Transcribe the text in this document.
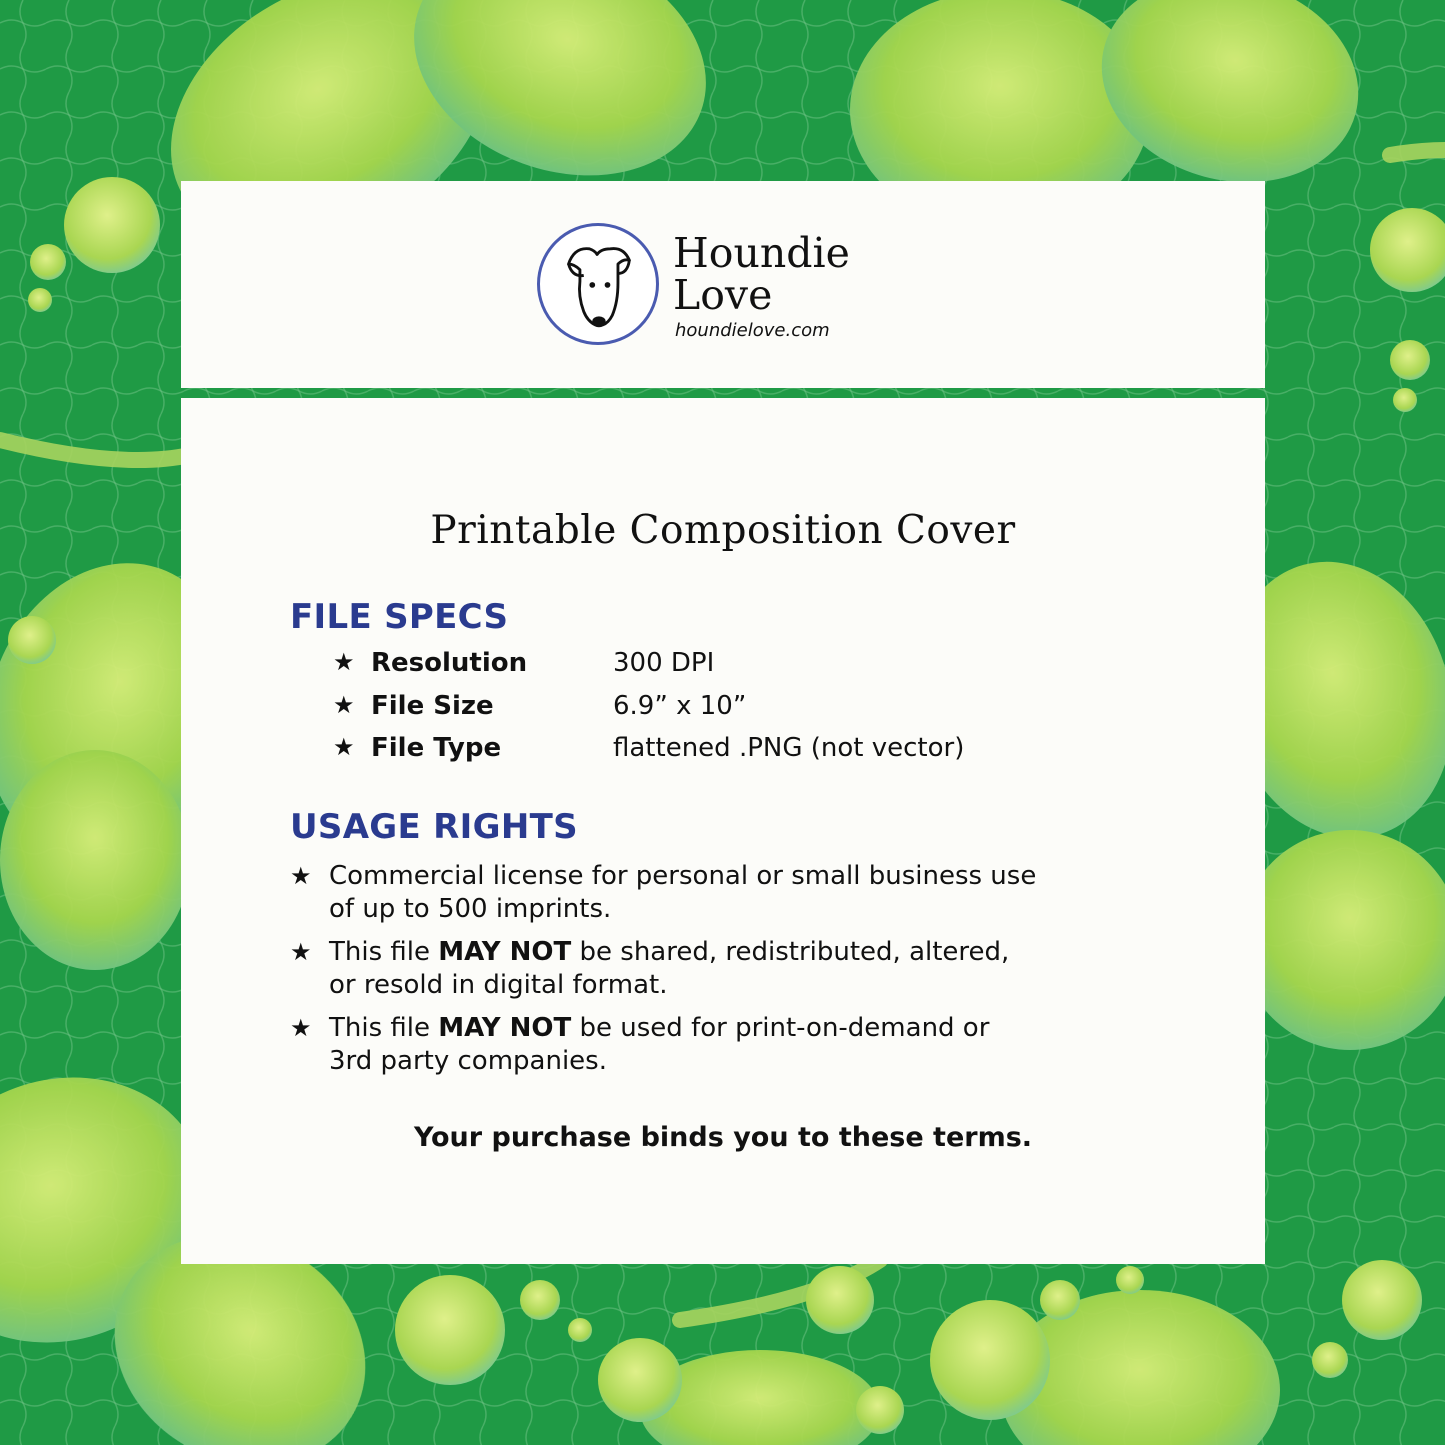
Houndie
Love
houndielove.com
Printable Composition Cover
FILE SPECS
★ Resolution	300 DPI
★ File Size	6.9” x 10”
★ File Type	flattened .PNG (not vector)
USAGE RIGHTS
★ Commercial license for personal or small business use
of up to 500 imprints.
★ This file MAY NOT be shared, redistributed, altered,
or resold in digital format.
★ This file MAY NOT be used for print-on-demand or
3rd party companies.
Your purchase binds you to these terms.
